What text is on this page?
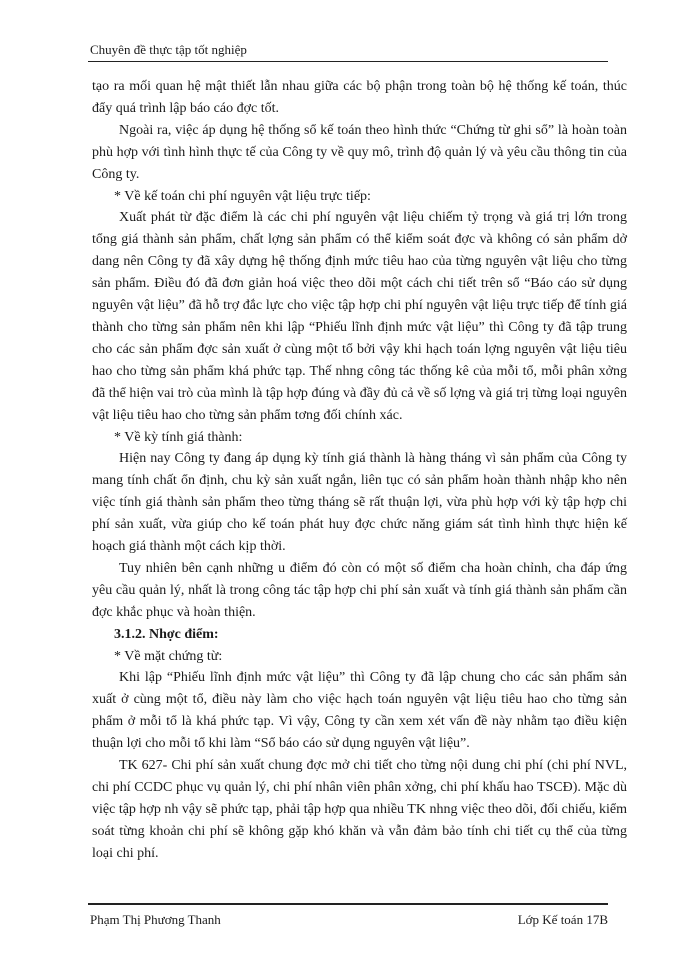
Chuyên đề thực tập tốt nghiệp

tạo ra mối quan hệ mật thiết lẫn nhau giữa các bộ phận trong toàn bộ hệ thống kế toán, thúc đẩy quá trình lập báo cáo đợc tốt.

Ngoài ra, việc áp dụng hệ thống sổ kế toán theo hình thức “Chứng từ ghi sổ” là hoàn toàn phù hợp với tình hình thực tế của Công ty về quy mô, trình độ quản lý và yêu cầu thông tin của Công ty.

* Về kế toán chi phí nguyên vật liệu trực tiếp:

Xuất phát từ đặc điểm là các chi phí nguyên vật liệu chiếm tỷ trọng và giá trị lớn trong tổng giá thành sản phẩm, chất lợng sản phẩm có thể kiểm soát đợc và không có sản phẩm dở dang nên Công ty đã xây dựng hệ thống định mức tiêu hao của từng nguyên vật liệu cho từng sản phẩm. Điều đó đã đơn giản hoá việc theo dõi một cách chi tiết trên sổ “Báo cáo sử dụng nguyên vật liệu” đã hỗ trợ đắc lực cho việc tập hợp chi phí nguyên vật liệu trực tiếp để tính giá thành cho từng sản phẩm nên khi lập “Phiếu lĩnh định mức vật liệu” thì Công ty đã tập trung cho các sản phẩm đợc sản xuất ở cùng một tổ bởi vậy khi hạch toán lợng nguyên vật liệu tiêu hao cho từng sản phẩm khá phức tạp. Thế nhng công tác thống kê của mỗi tổ, mỗi phân xởng đã thể hiện vai trò của mình là tập hợp đúng và đầy đủ cả về số lợng và giá trị từng loại nguyên vật liệu tiêu hao cho từng sản phẩm tơng đối chính xác.

* Về kỳ tính giá thành:

Hiện nay Công ty đang áp dụng kỳ tính giá thành là hàng tháng vì sản phẩm của Công ty mang tính chất ổn định, chu kỳ sản xuất ngắn, liên tục có sản phẩm hoàn thành nhập kho nên việc tính giá thành sản phẩm theo từng tháng sẽ rất thuận lợi, vừa phù hợp với kỳ tập hợp chi phí sản xuất, vừa giúp cho kế toán phát huy đợc chức năng giám sát tình hình thực hiện kế hoạch giá thành một cách kịp thời.

Tuy nhiên bên cạnh những u điểm đó còn có một số điểm cha hoàn chỉnh, cha đáp ứng yêu cầu quản lý, nhất là trong công tác tập hợp chi phí sản xuất và tính giá thành sản phẩm cần đợc khắc phục và hoàn thiện.

3.1.2. Nhợc điểm:

* Về mặt chứng từ:

Khi lập “Phiếu lĩnh định mức vật liệu” thì Công ty đã lập chung cho các sản phẩm sản xuất ở cùng một tổ, điều này làm cho việc hạch toán nguyên vật liệu tiêu hao cho từng sản phẩm ở mỗi tổ là khá phức tạp. Vì vậy, Công ty cần xem xét vấn đề này nhằm tạo điều kiện thuận lợi cho mỗi tổ khi làm “Sổ báo cáo sử dụng nguyên vật liệu”.

TK 627- Chi phí sản xuất chung đợc mở chi tiết cho từng nội dung chi phí (chi phí NVL, chi phí CCDC phục vụ quản lý, chi phí nhân viên phân xởng, chi phí khấu hao TSCĐ). Mặc dù việc tập hợp nh vậy sẽ phức tạp, phải tập hợp qua nhiều TK nhng việc theo dõi, đối chiếu, kiểm soát từng khoản chi phí sẽ không gặp khó khăn và vẫn đảm bảo tính chi tiết cụ thể của từng loại chi phí.

Phạm Thị Phương Thanh	Lớp Kế toán 17B
